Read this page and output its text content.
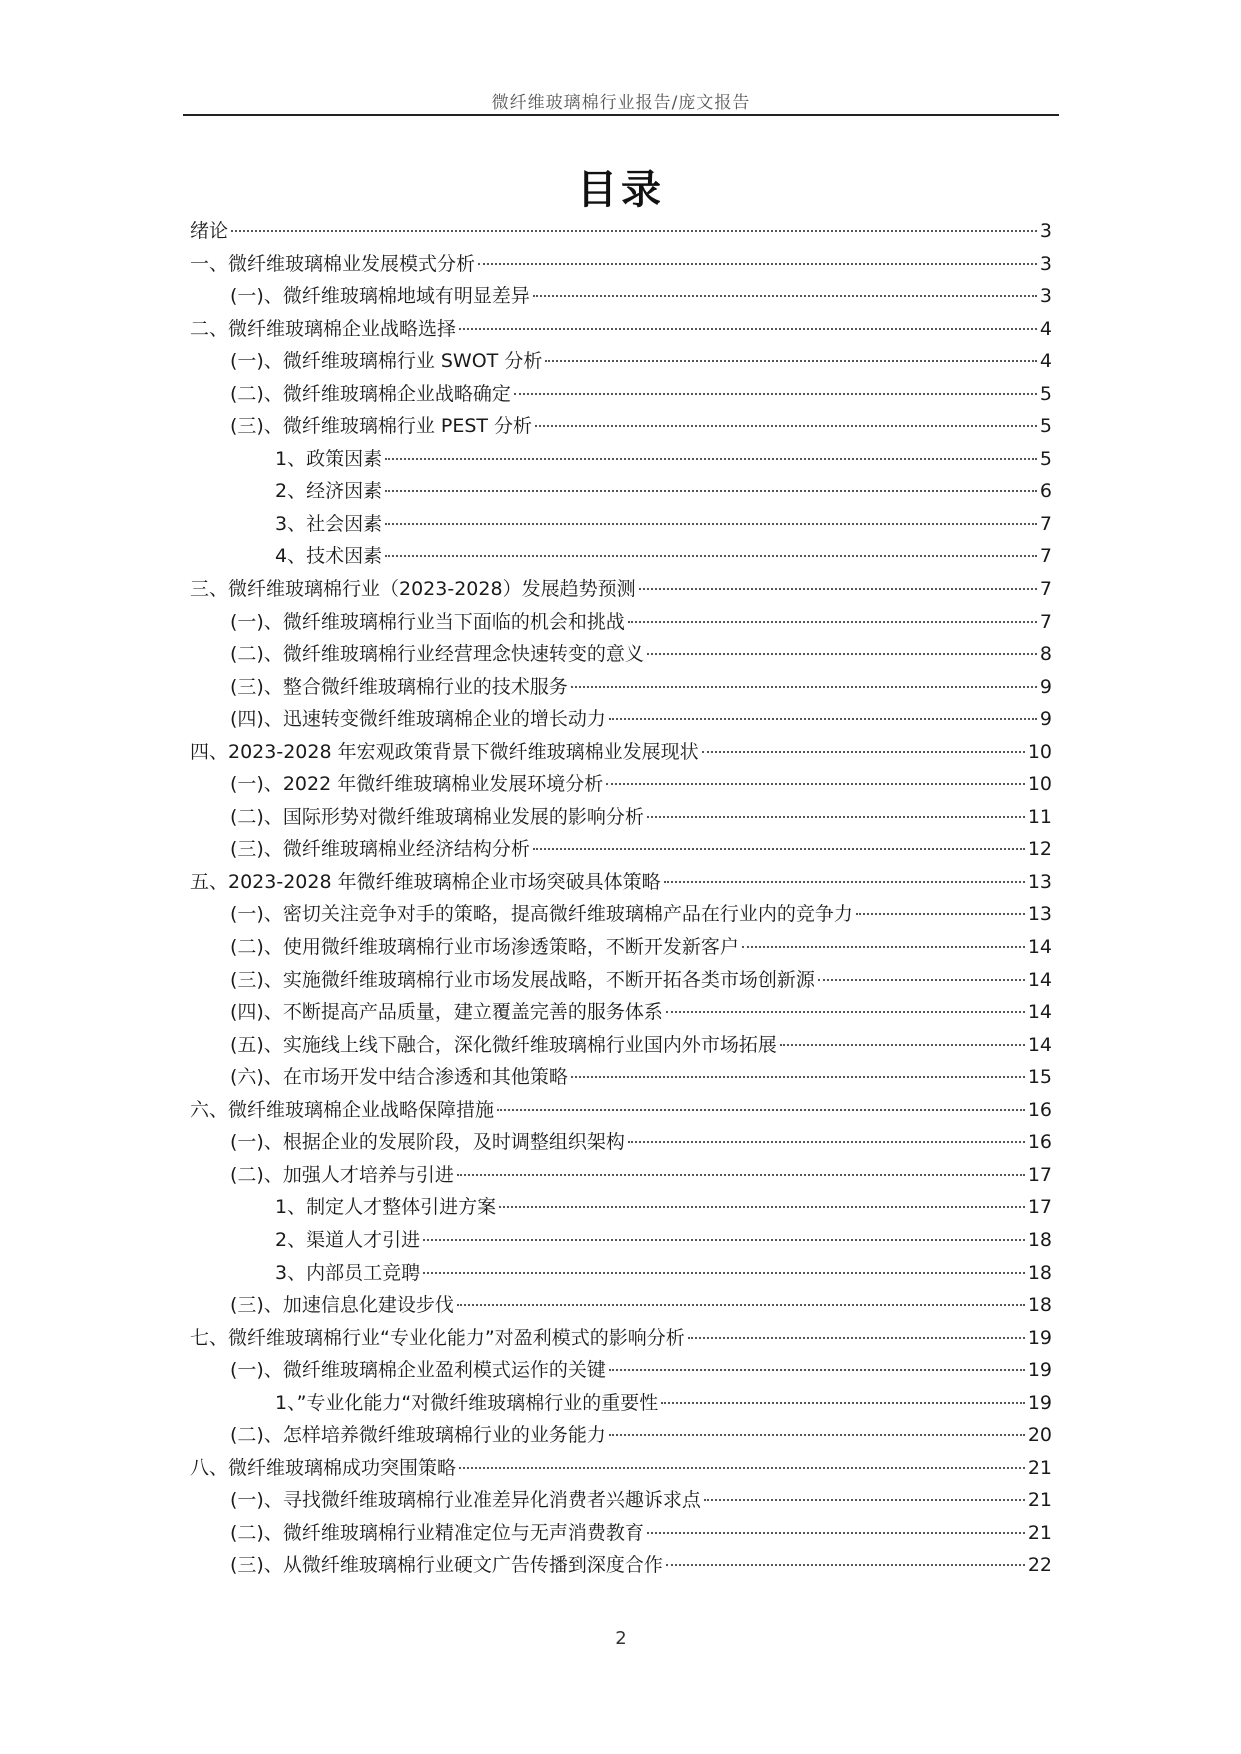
微纤维玻璃棉行业报告/庞文报告
目录
绪论	3
一、微纤维玻璃棉业发展模式分析	3
(一)、微纤维玻璃棉地域有明显差异	3
二、微纤维玻璃棉企业战略选择	4
(一)、微纤维玻璃棉行业 SWOT 分析	4
(二)、微纤维玻璃棉企业战略确定	5
(三)、微纤维玻璃棉行业 PEST 分析	5
1、政策因素	5
2、经济因素	6
3、社会因素	7
4、技术因素	7
三、微纤维玻璃棉行业（2023-2028）发展趋势预测	7
(一)、微纤维玻璃棉行业当下面临的机会和挑战	7
(二)、微纤维玻璃棉行业经营理念快速转变的意义	8
(三)、整合微纤维玻璃棉行业的技术服务	9
(四)、迅速转变微纤维玻璃棉企业的增长动力	9
四、2023-2028 年宏观政策背景下微纤维玻璃棉业发展现状	10
(一)、2022 年微纤维玻璃棉业发展环境分析	10
(二)、国际形势对微纤维玻璃棉业发展的影响分析	11
(三)、微纤维玻璃棉业经济结构分析	12
五、2023-2028 年微纤维玻璃棉企业市场突破具体策略	13
(一)、密切关注竞争对手的策略，提高微纤维玻璃棉产品在行业内的竞争力	13
(二)、使用微纤维玻璃棉行业市场渗透策略，不断开发新客户	14
(三)、实施微纤维玻璃棉行业市场发展战略，不断开拓各类市场创新源	14
(四)、不断提高产品质量，建立覆盖完善的服务体系	14
(五)、实施线上线下融合，深化微纤维玻璃棉行业国内外市场拓展	14
(六)、在市场开发中结合渗透和其他策略	15
六、微纤维玻璃棉企业战略保障措施	16
(一)、根据企业的发展阶段，及时调整组织架构	16
(二)、加强人才培养与引进	17
1、制定人才整体引进方案	17
2、渠道人才引进	18
3、内部员工竞聘	18
(三)、加速信息化建设步伐	18
七、微纤维玻璃棉行业“专业化能力”对盈利模式的影响分析	19
(一)、微纤维玻璃棉企业盈利模式运作的关键	19
1、”专业化能力“对微纤维玻璃棉行业的重要性	19
(二)、怎样培养微纤维玻璃棉行业的业务能力	20
八、微纤维玻璃棉成功突围策略	21
(一)、寻找微纤维玻璃棉行业准差异化消费者兴趣诉求点	21
(二)、微纤维玻璃棉行业精准定位与无声消费教育	21
(三)、从微纤维玻璃棉行业硬文广告传播到深度合作	22
2
